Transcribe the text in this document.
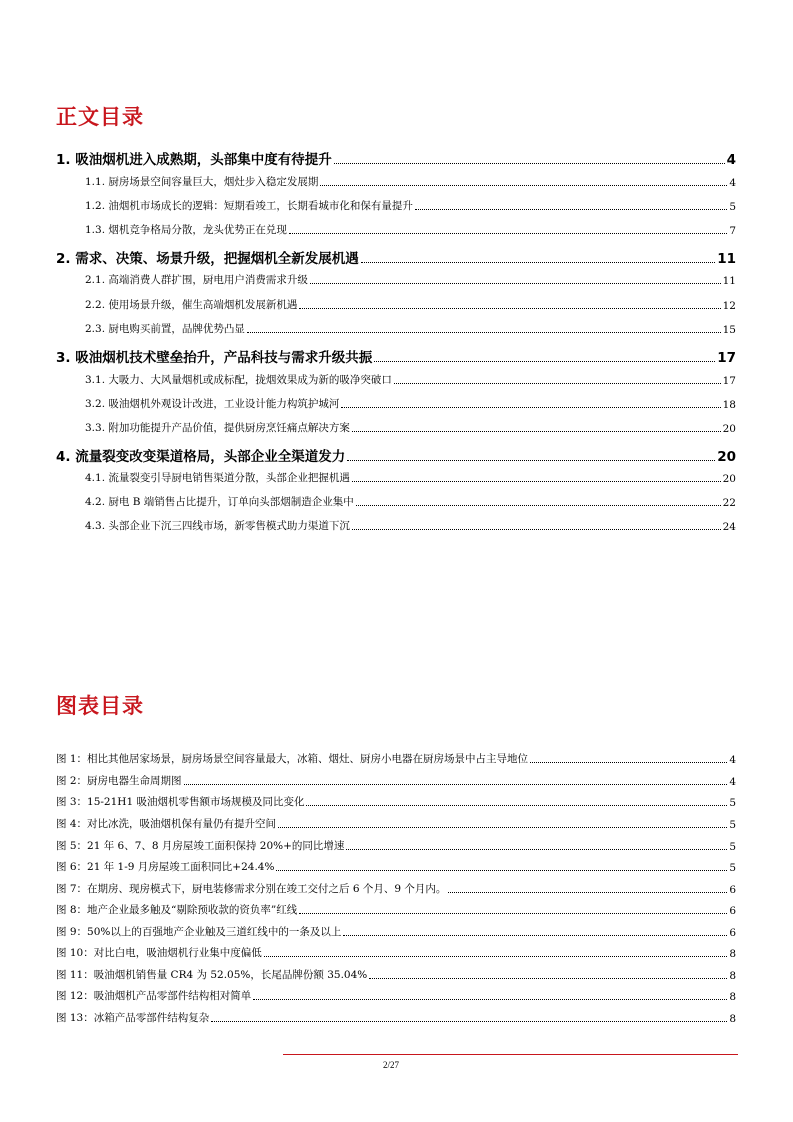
正文目录
1. 吸油烟机进入成熟期，头部集中度有待提升	4
1.1. 厨房场景空间容量巨大，烟灶步入稳定发展期	4
1.2. 油烟机市场成长的逻辑：短期看竣工，长期看城市化和保有量提升	5
1.3. 烟机竞争格局分散，龙头优势正在兑现	7
2. 需求、决策、场景升级，把握烟机全新发展机遇	11
2.1. 高端消费人群扩围，厨电用户消费需求升级	11
2.2. 使用场景升级，催生高端烟机发展新机遇	12
2.3. 厨电购买前置，品牌优势凸显	15
3. 吸油烟机技术壁垒抬升，产品科技与需求升级共振	17
3.1. 大吸力、大风量烟机或成标配，拢烟效果成为新的吸净突破口	17
3.2. 吸油烟机外观设计改进，工业设计能力构筑护城河	18
3.3. 附加功能提升产品价值，提供厨房烹饪痛点解决方案	20
4. 流量裂变改变渠道格局，头部企业全渠道发力	20
4.1. 流量裂变引导厨电销售渠道分散，头部企业把握机遇	20
4.2. 厨电 B 端销售占比提升，订单向头部烟制造企业集中	22
4.3. 头部企业下沉三四线市场，新零售模式助力渠道下沉	24
图表目录
图 1：相比其他居家场景，厨房场景空间容量最大，冰箱、烟灶、厨房小电器在厨房场景中占主导地位	4
图 2：厨房电器生命周期图	4
图 3：15-21H1 吸油烟机零售额市场规模及同比变化	5
图 4：对比冰洗，吸油烟机保有量仍有提升空间	5
图 5：21 年 6、7、8 月房屋竣工面积保持 20%+的同比增速	5
图 6：21 年 1-9 月房屋竣工面积同比+24.4%	5
图 7：在期房、现房模式下，厨电装修需求分别在竣工交付之后 6 个月、9 个月内。	6
图 8：地产企业最多触及“剔除预收款的资负率”红线	6
图 9：50%以上的百强地产企业触及三道红线中的一条及以上	6
图 10：对比白电，吸油烟机行业集中度偏低	8
图 11：吸油烟机销售量 CR4 为 52.05%，长尾品牌份额 35.04%	8
图 12：吸油烟机产品零部件结构相对简单	8
图 13：冰箱产品零部件结构复杂	8
2/27
